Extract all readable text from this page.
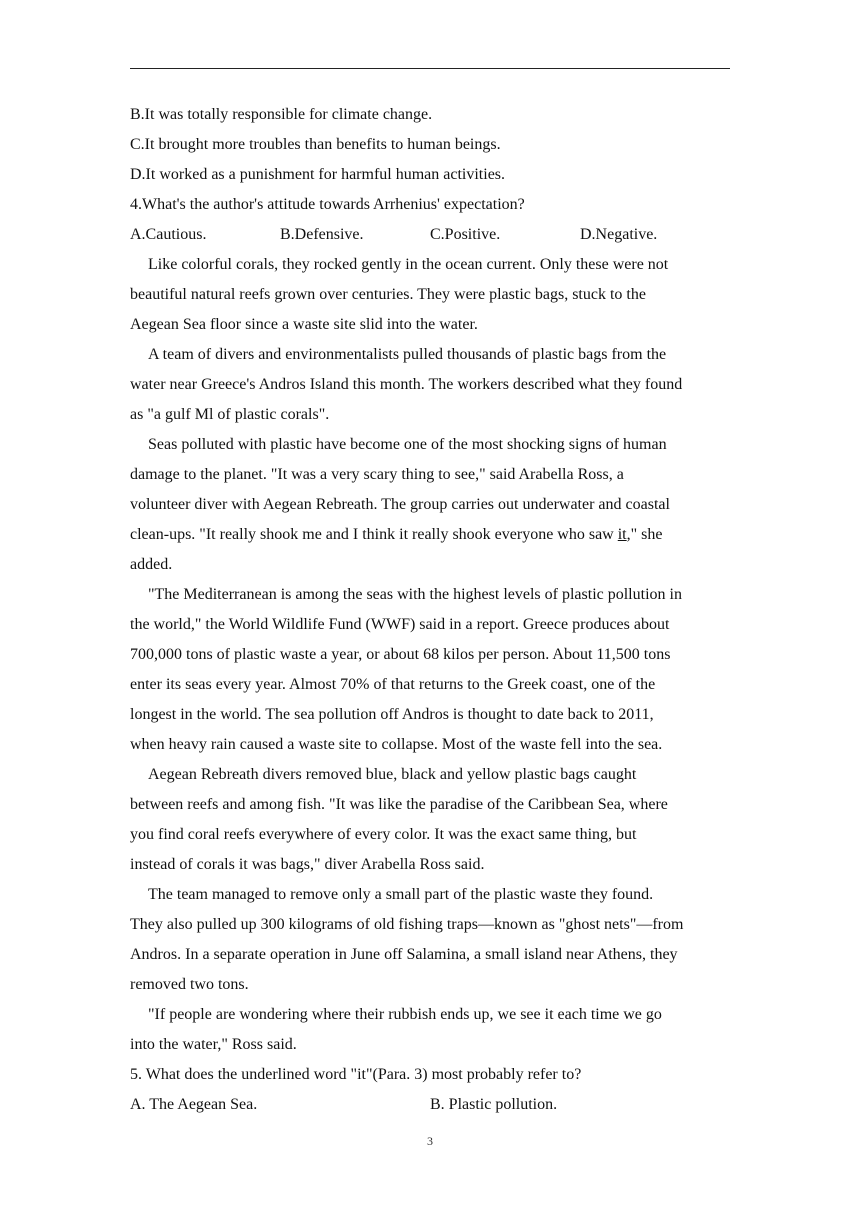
B.It was totally responsible for climate change.
C.It brought more troubles than benefits to human beings.
D.It worked as a punishment for harmful human activities.
4.What's the author's attitude towards Arrhenius' expectation?
A.Cautious.	B.Defensive.	C.Positive.	D.Negative.
Like colorful corals, they rocked gently in the ocean current. Only these were not
beautiful natural reefs grown over centuries. They were plastic bags, stuck to the
Aegean Sea floor since a waste site slid into the water.
A team of divers and environmentalists pulled thousands of plastic bags from the
water near Greece's Andros Island this month. The workers described what they found
as "a gulf Ml of plastic corals".
Seas polluted with plastic have become one of the most shocking signs of human
damage to the planet. "It was a very scary thing to see," said Arabella Ross, a
volunteer diver with Aegean Rebreath. The group carries out underwater and coastal
clean-ups. "It really shook me and I think it really shook everyone who saw it," she
added.
"The Mediterranean is among the seas with the highest levels of plastic pollution in
the world," the World Wildlife Fund (WWF) said in a report. Greece produces about
700,000 tons of plastic waste a year, or about 68 kilos per person. About 11,500 tons
enter its seas every year. Almost 70% of that returns to the Greek coast, one of the
longest in the world. The sea pollution off Andros is thought to date back to 2011,
when heavy rain caused a waste site to collapse. Most of the waste fell into the sea.
Aegean Rebreath divers removed blue, black and yellow plastic bags caught
between reefs and among fish. "It was like the paradise of the Caribbean Sea, where
you find coral reefs everywhere of every color. It was the exact same thing, but
instead of corals it was bags," diver Arabella Ross said.
The team managed to remove only a small part of the plastic waste they found.
They also pulled up 300 kilograms of old fishing traps—known as "ghost nets"—from
Andros. In a separate operation in June off Salamina, a small island near Athens, they
removed two tons.
"If people are wondering where their rubbish ends up, we see it each time we go
into the water," Ross said.
5. What does the underlined word "it"(Para. 3) most probably refer to?
A. The Aegean Sea.	B. Plastic pollution.
3
